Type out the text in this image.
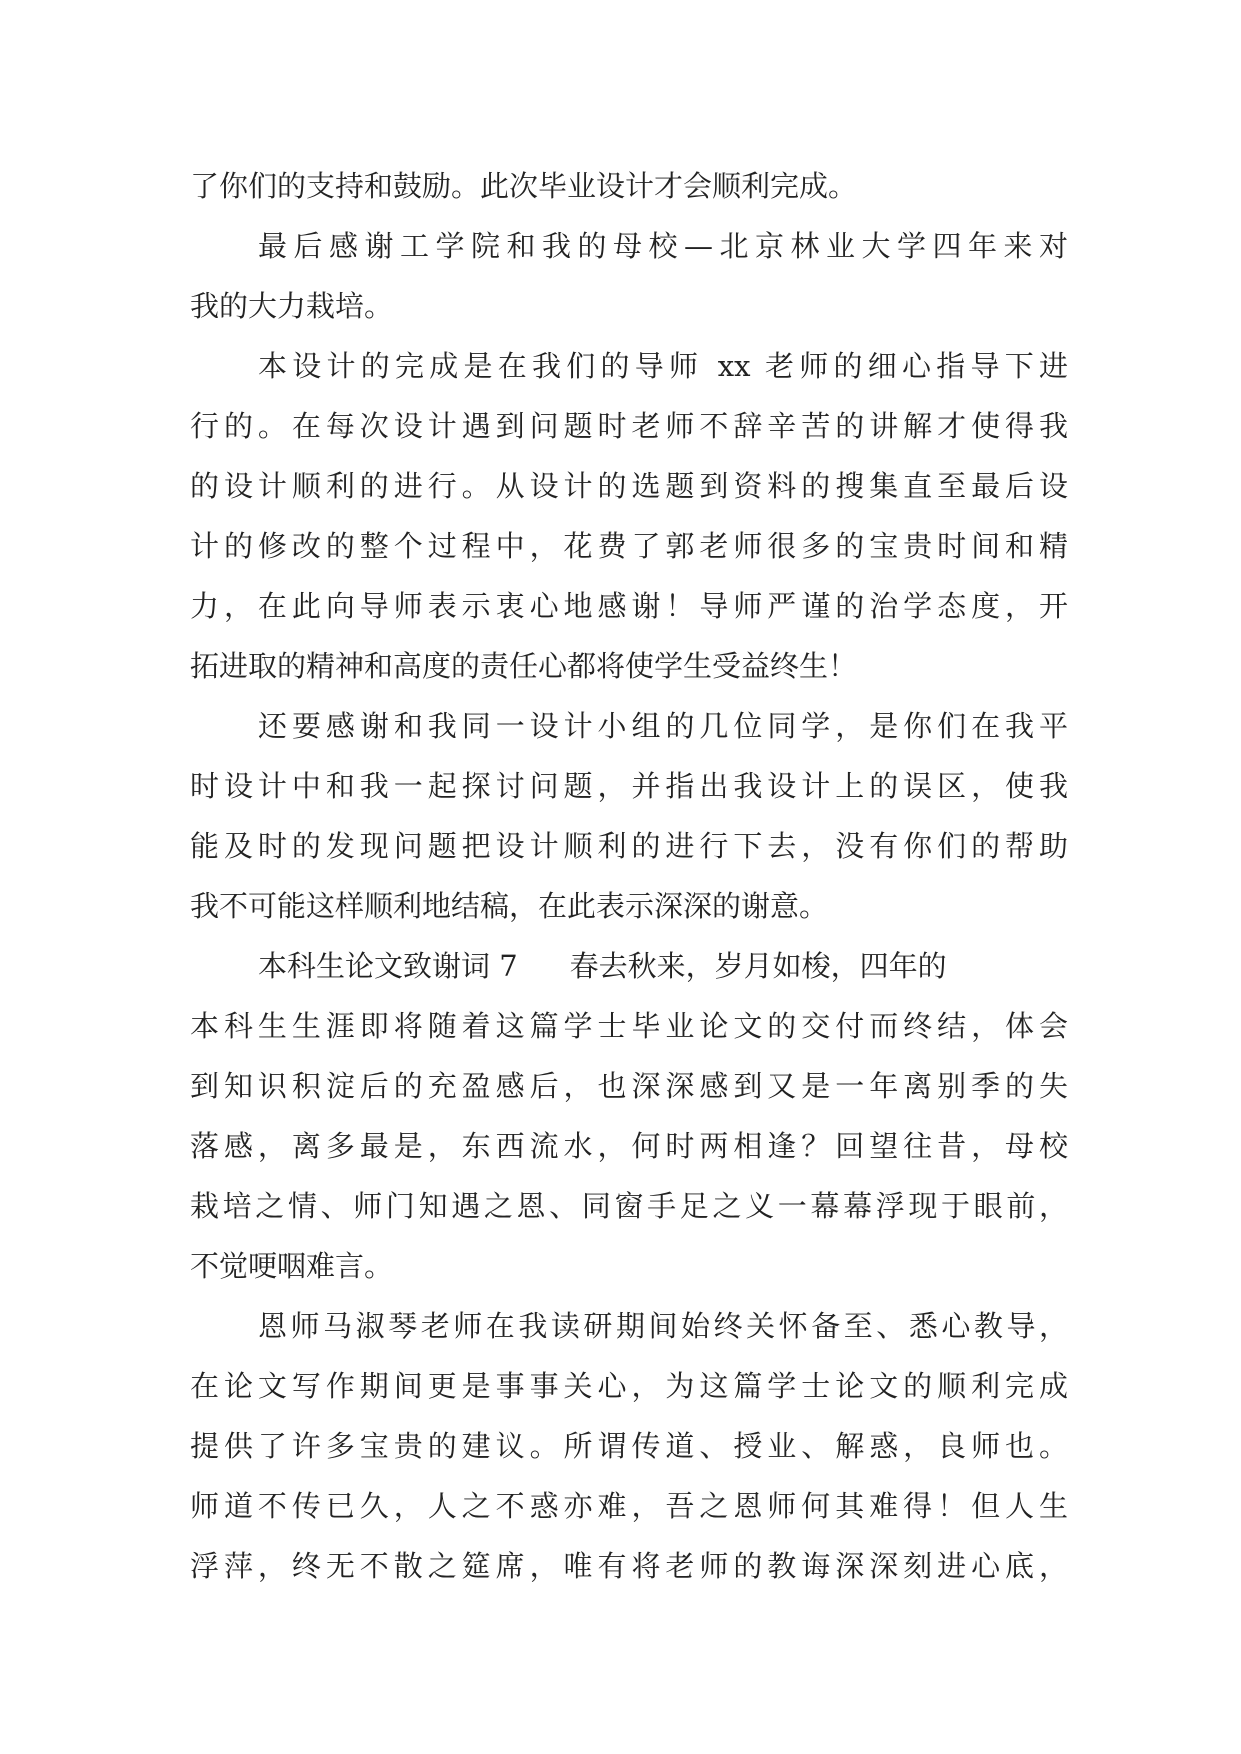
了你们的支持和鼓励。此次毕业设计才会顺利完成。
最后感谢工学院和我的母校—北京林业大学四年来对
我的大力栽培。
本设计的完成是在我们的导师 xx 老师的细心指导下进
行的。在每次设计遇到问题时老师不辞辛苦的讲解才使得我
的设计顺利的进行。从设计的选题到资料的搜集直至最后设
计的修改的整个过程中，花费了郭老师很多的宝贵时间和精
力，在此向导师表示衷心地感谢！导师严谨的治学态度，开
拓进取的精神和高度的责任心都将使学生受益终生！
还要感谢和我同一设计小组的几位同学，是你们在我平
时设计中和我一起探讨问题，并指出我设计上的误区，使我
能及时的发现问题把设计顺利的进行下去，没有你们的帮助
我不可能这样顺利地结稿，在此表示深深的谢意。
本科生论文致谢词 7 春去秋来，岁月如梭，四年的
本科生生涯即将随着这篇学士毕业论文的交付而终结，体会
到知识积淀后的充盈感后，也深深感到又是一年离别季的失
落感，离多最是，东西流水，何时两相逢？回望往昔，母校
栽培之情、师门知遇之恩、同窗手足之义一幕幕浮现于眼前，
不觉哽咽难言。
恩师马淑琴老师在我读研期间始终关怀备至、悉心教导，
在论文写作期间更是事事关心，为这篇学士论文的顺利完成
提供了许多宝贵的建议。所谓传道、授业、解惑，良师也。
师道不传已久，人之不惑亦难，吾之恩师何其难得！但人生
浮萍，终无不散之筵席，唯有将老师的教诲深深刻进心底，
